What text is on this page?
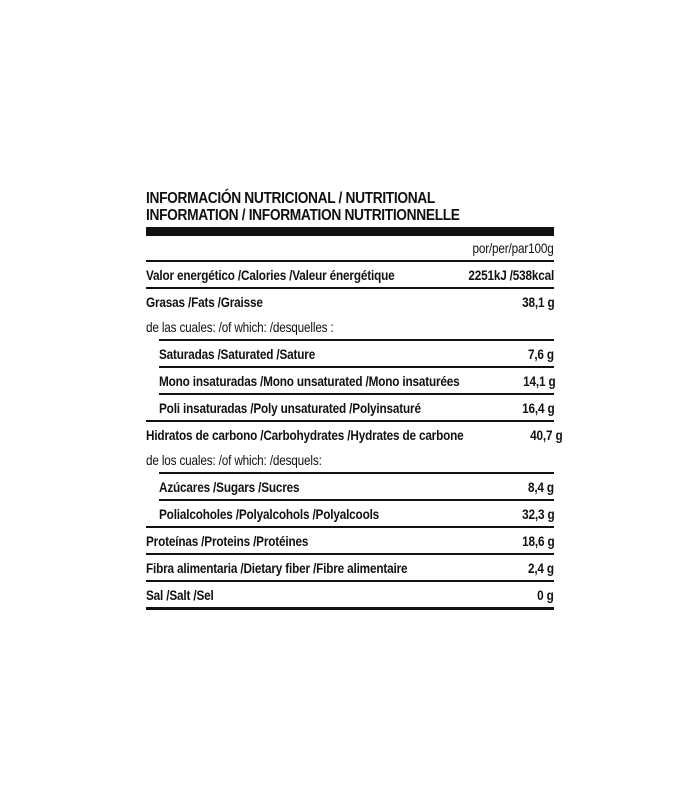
INFORMACIÓN NUTRICIONAL / NUTRITIONAL
INFORMATION / INFORMATION NUTRITIONNELLE
por/per/par100g
Valor energético /Calories /Valeur énergétique	2251kJ /538kcal
Grasas /Fats /Graisse	38,1 g
de las cuales: /of which: /desquelles :
Saturadas /Saturated /Sature	7,6 g
Mono insaturadas /Mono unsaturated /Mono insaturées	14,1 g
Poli insaturadas /Poly unsaturated /Polyinsaturé	16,4 g
Hidratos de carbono /Carbohydrates /Hydrates de carbone	40,7 g
de los cuales: /of which: /desquels:
Azúcares /Sugars /Sucres	8,4 g
Polialcoholes /Polyalcohols /Polyalcools	32,3 g
Proteínas /Proteins /Protéines	18,6 g
Fibra alimentaria /Dietary fiber /Fibre alimentaire	2,4 g
Sal /Salt /Sel	0 g
